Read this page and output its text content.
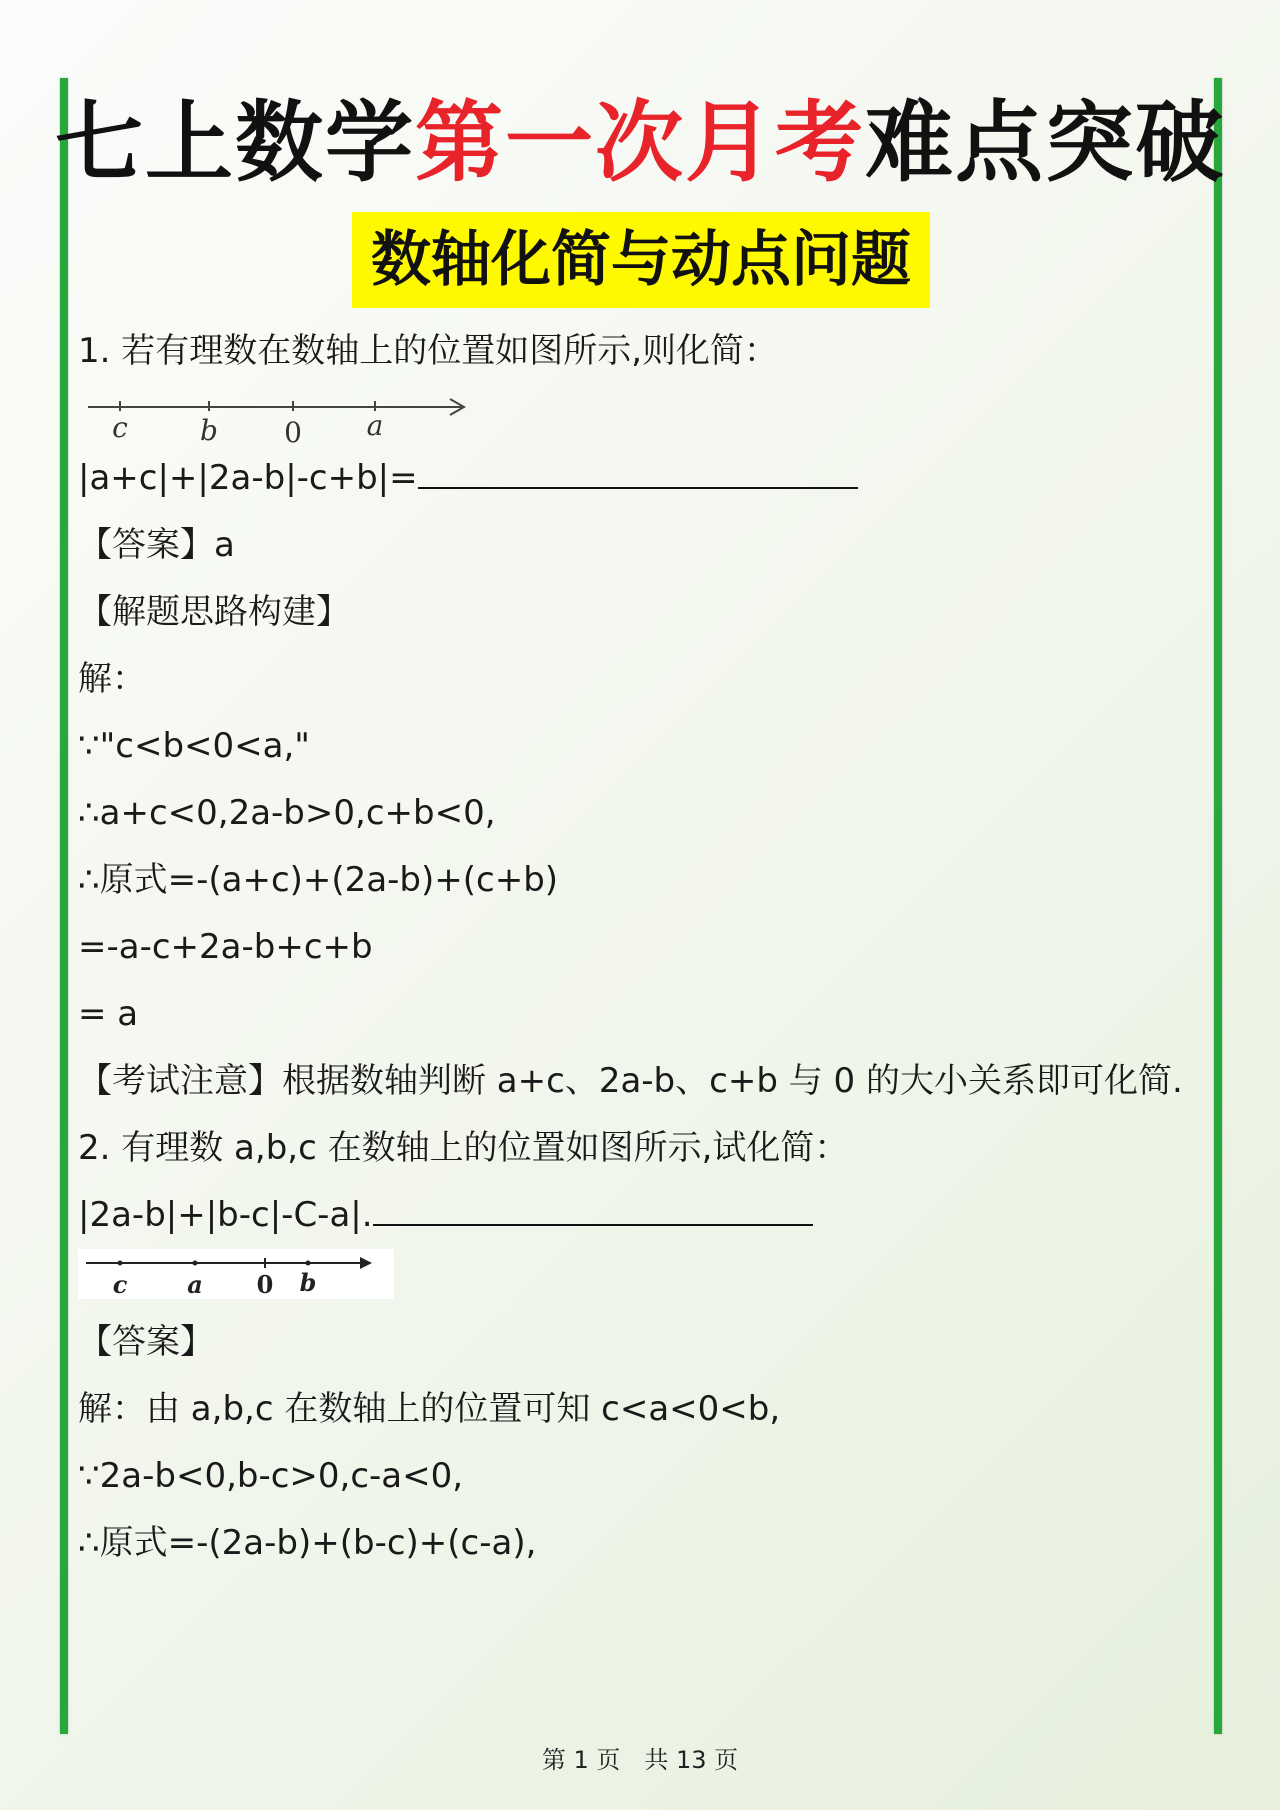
七上数学第一次月考难点突破
数轴化简与动点问题
1. 若有理数在数轴上的位置如图所示,则化简：
c	b 0 a
|a+c|+|2a-b|-c+b|=
【答案】a
【解题思路构建】
解：
∵"c<b<0<a,"
∴a+c<0,2a-b>0,c+b<0,
∴原式=-(a+c)+(2a-b)+(c+b)
=-a-c+2a-b+c+b
= a
【考试注意】根据数轴判断 a+c、2a-b、c+b 与 0 的大小关系即可化简.
2. 有理数 a,b,c 在数轴上的位置如图所示,试化简：
|2a-b|+|b-c|-C-a|.
c a 0 b
【答案】
解：由 a,b,c 在数轴上的位置可知 c<a<0<b,
∵2a-b<0,b-c>0,c-a<0,
∴原式=-(2a-b)+(b-c)+(c-a),
第 1 页 共 13 页
